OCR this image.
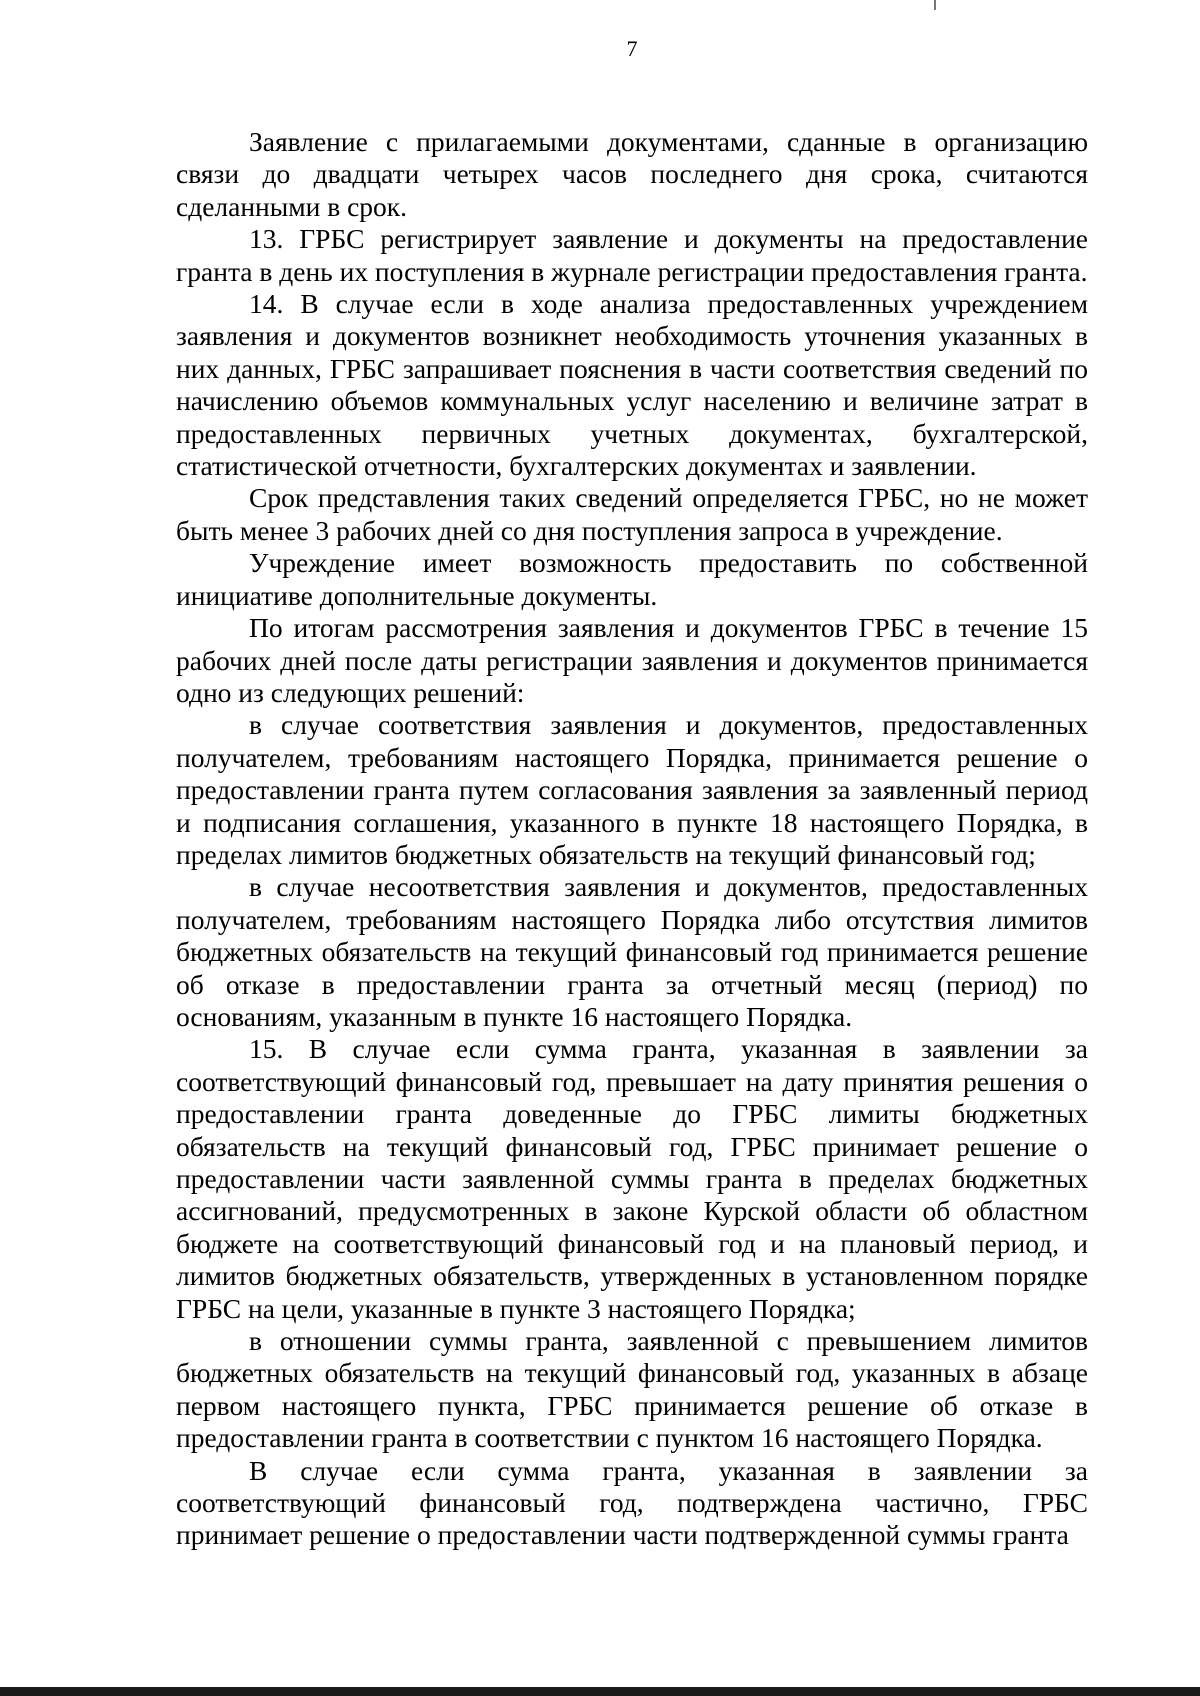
7

Заявление с прилагаемыми документами, сданные в организацию связи до двадцати четырех часов последнего дня срока, считаются сделанными в срок.

13. ГРБС регистрирует заявление и документы на предоставление гранта в день их поступления в журнале регистрации предоставления гранта.

14. В случае если в ходе анализа предоставленных учреждением заявления и документов возникнет необходимость уточнения указанных в них данных, ГРБС запрашивает пояснения в части соответствия сведений по начислению объемов коммунальных услуг населению и величине затрат в предоставленных первичных учетных документах, бухгалтерской, статистической отчетности, бухгалтерских документах и заявлении.

Срок представления таких сведений определяется ГРБС, но не может быть менее 3 рабочих дней со дня поступления запроса в учреждение.

Учреждение имеет возможность предоставить по собственной инициативе дополнительные документы.

По итогам рассмотрения заявления и документов ГРБС в течение 15 рабочих дней после даты регистрации заявления и документов принимается одно из следующих решений:

в случае соответствия заявления и документов, предоставленных получателем, требованиям настоящего Порядка, принимается решение о предоставлении гранта путем согласования заявления за заявленный период и подписания соглашения, указанного в пункте 18 настоящего Порядка, в пределах лимитов бюджетных обязательств на текущий финансовый год;

в случае несоответствия заявления и документов, предоставленных получателем, требованиям настоящего Порядка либо отсутствия лимитов бюджетных обязательств на текущий финансовый год принимается решение об отказе в предоставлении гранта за отчетный месяц (период) по основаниям, указанным в пункте 16 настоящего Порядка.

15. В случае если сумма гранта, указанная в заявлении за соответствующий финансовый год, превышает на дату принятия решения о предоставлении гранта доведенные до ГРБС лимиты бюджетных обязательств на текущий финансовый год, ГРБС принимает решение о предоставлении части заявленной суммы гранта в пределах бюджетных ассигнований, предусмотренных в законе Курской области об областном бюджете на соответствующий финансовый год и на плановый период, и лимитов бюджетных обязательств, утвержденных в установленном порядке ГРБС на цели, указанные в пункте 3 настоящего Порядка;

в отношении суммы гранта, заявленной с превышением лимитов бюджетных обязательств на текущий финансовый год, указанных в абзаце первом настоящего пункта, ГРБС принимается решение об отказе в предоставлении гранта в соответствии с пунктом 16 настоящего Порядка.

В случае если сумма гранта, указанная в заявлении за соответствующий финансовый год, подтверждена частично, ГРБС принимает решение о предоставлении части подтвержденной суммы гранта
